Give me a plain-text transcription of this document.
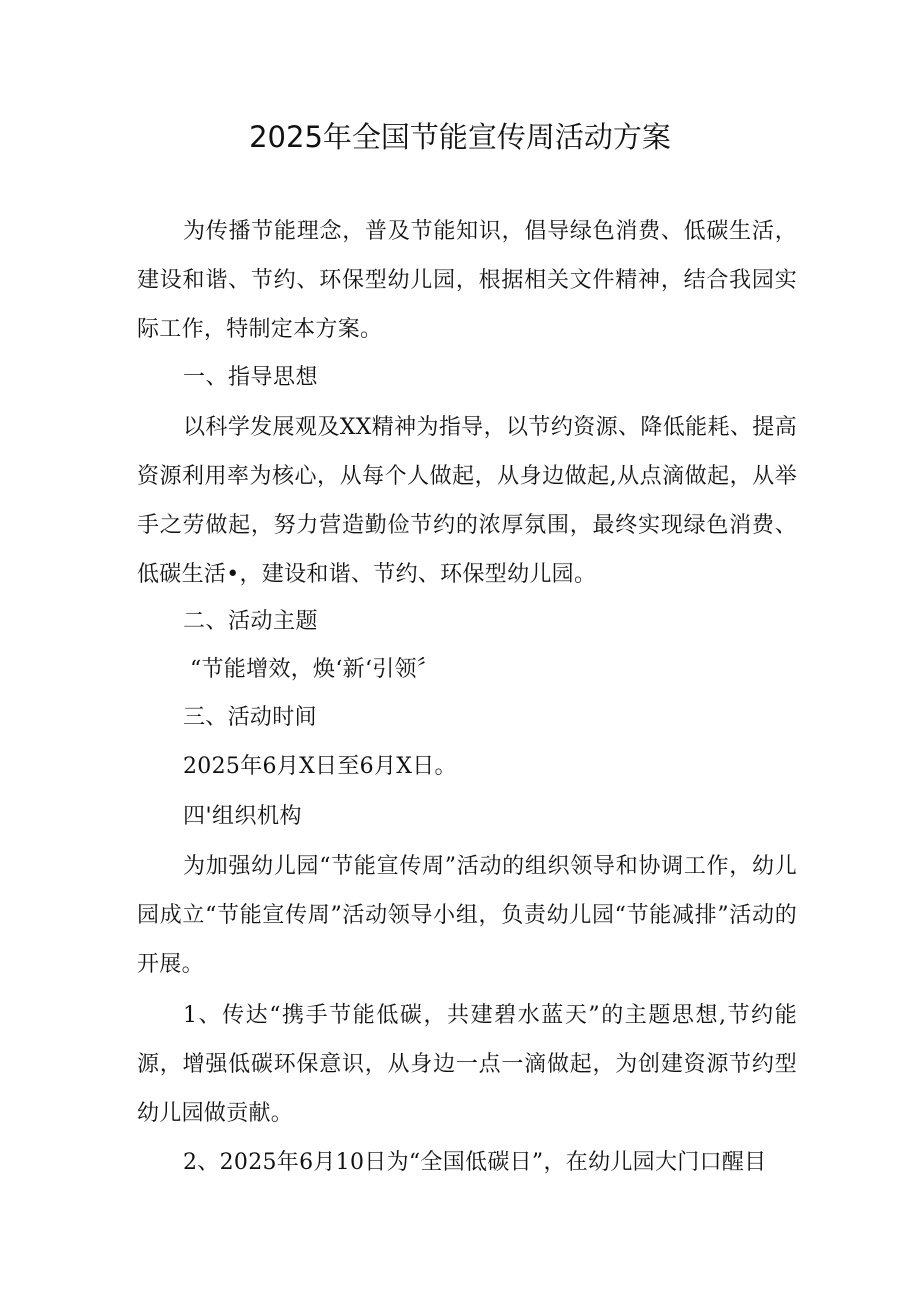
2025年全国节能宣传周活动方案

为传播节能理念，普及节能知识，倡导绿色消费、低碳生活，建设和谐、节约、环保型幼儿园，根据相关文件精神，结合我园实际工作，特制定本方案。

一、指导思想

以科学发展观及XX精神为指导，以节约资源、降低能耗、提高资源利用率为核心，从每个人做起，从身边做起,从点滴做起，从举手之劳做起，努力营造勤俭节约的浓厚氛围，最终实现绿色消费、低碳生活•，建设和谐、节约、环保型幼儿园。

二、活动主题

“节能增效，焕‘新‘引领〞

三、活动时间

2025年6月X日至6月X日。

四'组织机构

为加强幼儿园“节能宣传周”活动的组织领导和协调工作，幼儿园成立“节能宣传周”活动领导小组，负责幼儿园“节能减排”活动的开展。

1、传达“携手节能低碳，共建碧水蓝天”的主题思想,节约能源，增强低碳环保意识，从身边一点一滴做起，为创建资源节约型幼儿园做贡献。

2、2025年6月10日为“全国低碳日”，在幼儿园大门口醒目
